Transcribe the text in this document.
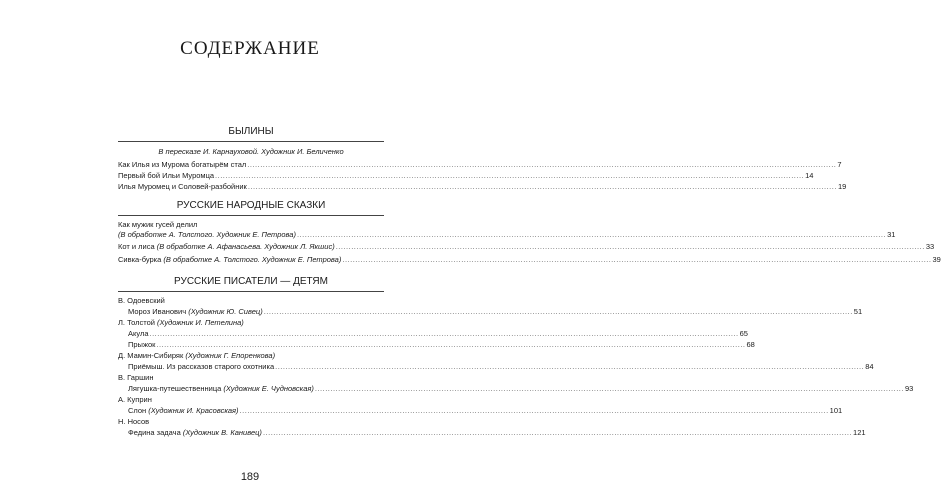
СОДЕРЖАНИЕ
БЫЛИНЫ
В пересказе И. Карнауховой. Художник И. Беличенко
Как Илья из Мурома богатырём стал .....	7
Первый бой Ильи Муромца .....	14
Илья Муромец и Соловей-разбойник .....	19
РУССКИЕ НАРОДНЫЕ СКАЗКИ
Как мужик гусей делил
(В обработке А. Толстого. Художник Е. Петрова) .....	31
Кот и лиса (В обработке А. Афанасьева. Художник Л. Якшис) .....	33
Сивка-бурка (В обработке А. Толстого. Художник Е. Петрова) .....	39
РУССКИЕ ПИСАТЕЛИ — ДЕТЯМ
В. Одоевский
Мороз Иванович (Художник Ю. Сивец) .....	51
Л. Толстой (Художник И. Петелина)
Акула .....	65
Прыжок .....	68
Д. Мамин-Сибиряк (Художник Г. Епоренкова)
Приёмыш. Из рассказов старого охотника .....	84
В. Гаршин
Лягушка-путешественница (Художник Е. Чудновская) .....	93
А. Куприн
Слон (Художник И. Красовская) .....	101
Н. Носов
Федина задача (Художник В. Канивец) .....	121
189
